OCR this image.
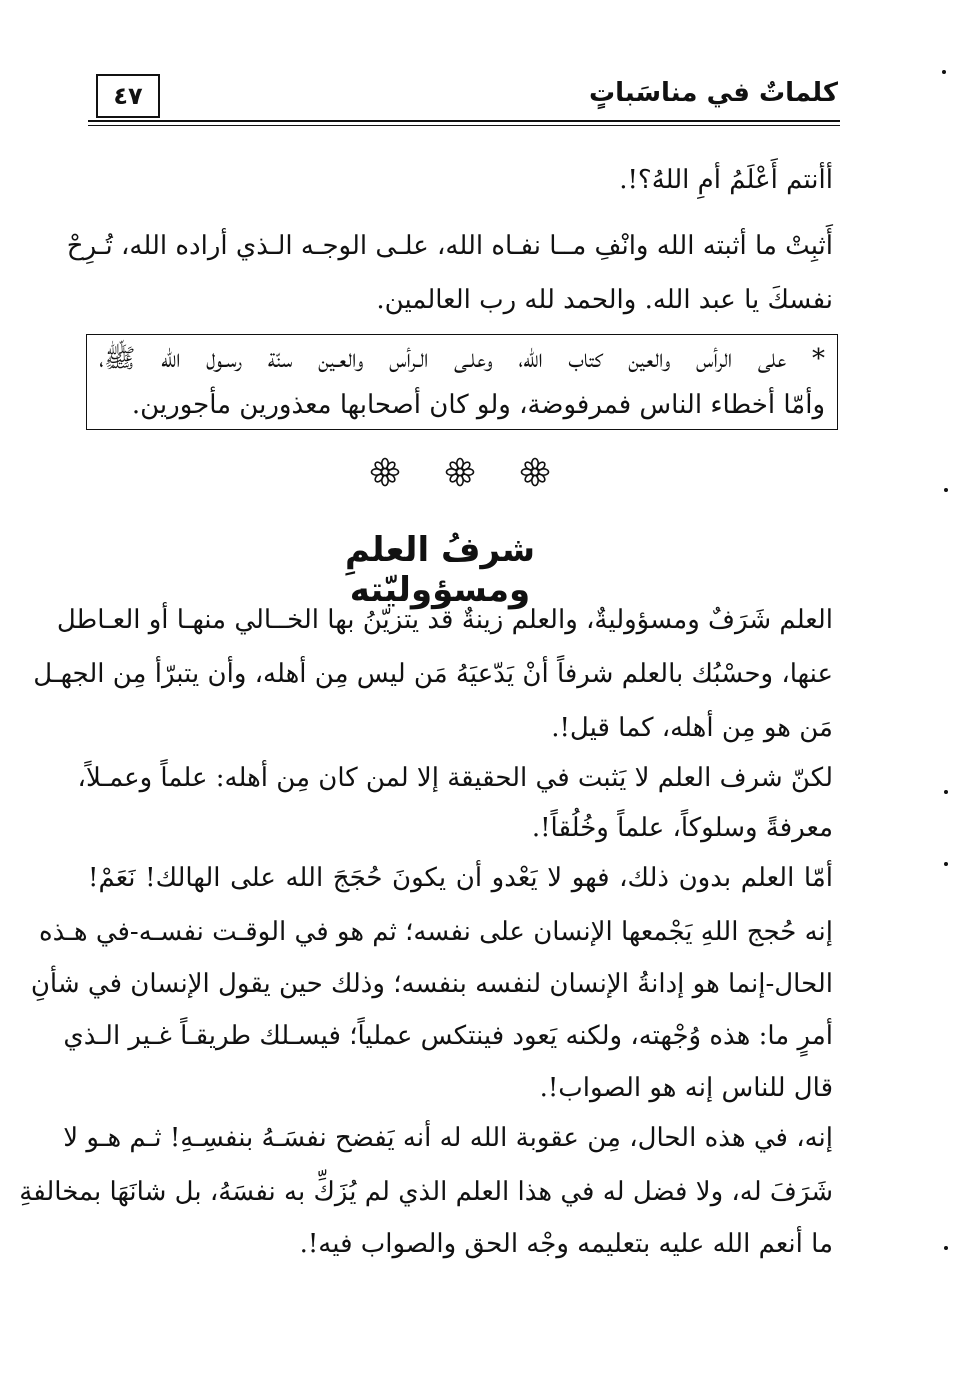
كلماتٌ في مناسَباتٍ
٤٧
أأنتم أَعْلَمُ أمِ اللهُ؟!.
أَثبِتْ ما أثبته الله وانْفِ مــا نفـاه الله، علـى الوجـه الـذي أراده الله، تُـرِحْ
نفسكَ يا عبد الله. والحمد لله رب العالمين.
* على الرأس والعين كتاب الله، وعلـى الـرأس والعـين سنّة رسـول الله ﷺ،
وأمّا أخطاء الناس فمرفوضة، ولو كان أصحابها معذورين مأجورين.
شرفُ العلمِ ومسؤوليّته
العلم شَرَفٌ ومسؤوليةٌ، والعلم زينةٌ قد يتزيّنُ بها الخــالي منهـا أو العـاطل
عنها، وحسْبُك بالعلم شرفاً أنْ يَدّعيَهُ مَن ليس مِن أهله، وأن يتبرّأ مِن الجهـل
مَن هو مِن أهله، كما قيل!.
لكنّ شرف العلم لا يَثبت في الحقيقة إلا لمن كان مِن أهله: علماً وعمـلاً،
معرفةً وسلوكاً، علماً وخُلُقاً!.
أمّا العلم بدون ذلك، فهو لا يَعْدو أن يكونَ حُجَجَ الله على الهالك! نَعَمْ!
إنه حُجج اللهِ يَجْمعها الإنسان على نفسه؛ ثم هو في الوقـت نفسـه-في هـذه
الحال-إنما هو إدانةُ الإنسان لنفسه بنفسه؛ وذلك حين يقول الإنسان في شأنِ
أمرٍ ما: هذه وُجْهته، ولكنه يَعود فينتكس عملياً؛ فيسـلك طريقـاً غـير الـذي
قال للناس إنه هو الصواب!.
إنه، في هذه الحال، مِن عقوبة الله له أنه يَفضح نفسَـهُ بنفسِـهِ! ثـم هـو لا
شَرَفَ له، ولا فضل له في هذا العلم الذي لم يُزَكِّ به نفسَهُ، بل شانَهَا بمخالفةِ
ما أنعم الله عليه بتعليمه وجْه الحق والصواب فيه!.
